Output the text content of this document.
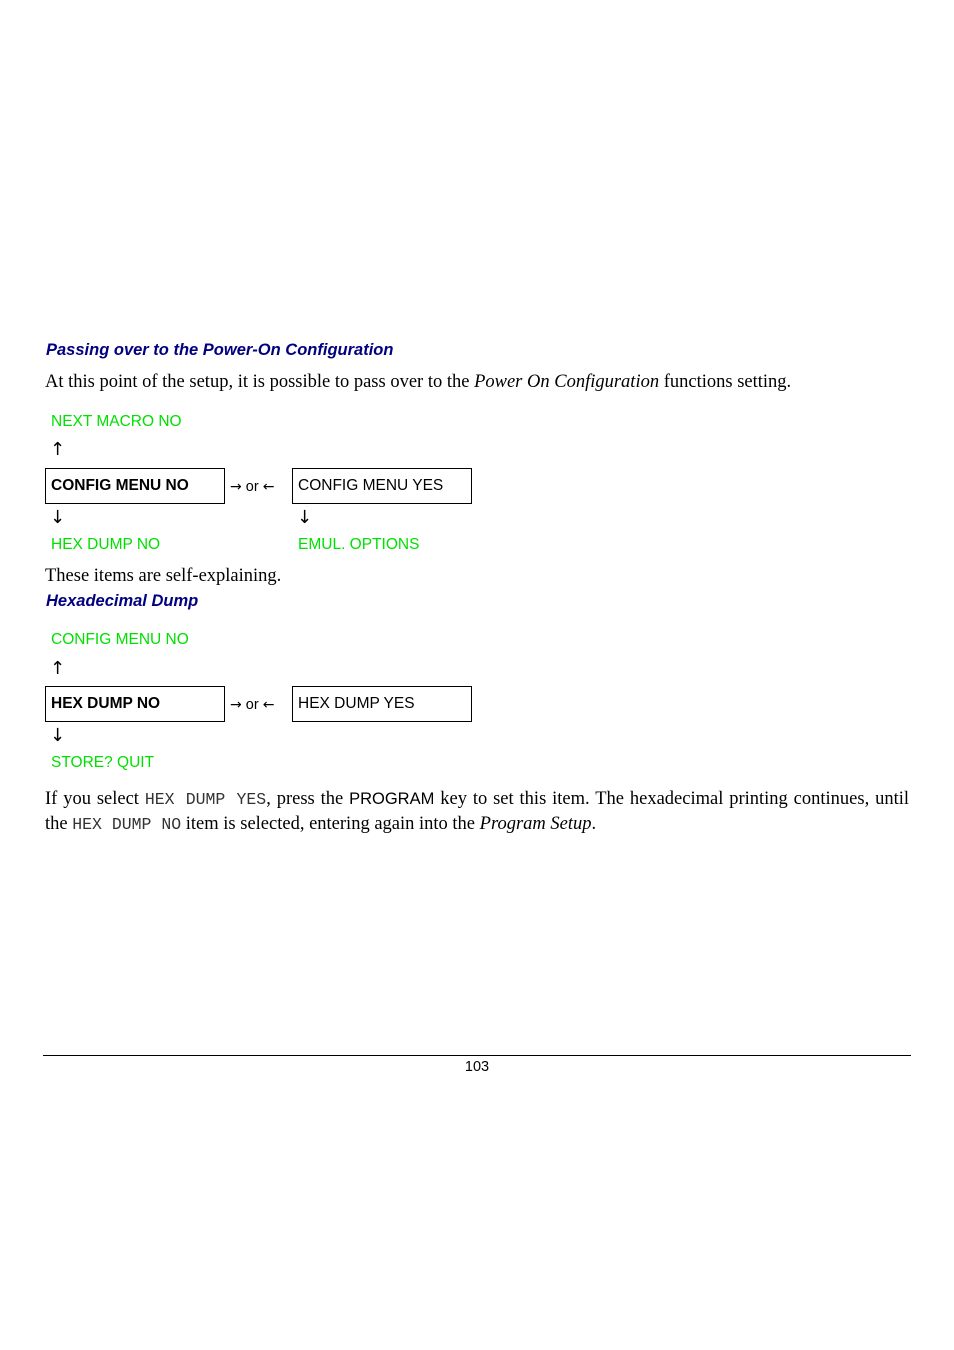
Passing over to the Power-On Configuration
At this point of the setup, it is possible to pass over to the Power On Configuration functions setting.
NEXT MACRO NO
↑
CONFIG MENU NO	→ or ←	CONFIG MENU YES
↓	↓
HEX DUMP NO	EMUL. OPTIONS
These items are self-explaining.
Hexadecimal Dump
CONFIG MENU NO
↑
HEX DUMP NO	→ or ←	HEX DUMP YES
↓
STORE? QUIT

If you select HEX DUMP YES, press the PROGRAM key to set this item. The hexadecimal printing continues, until the HEX DUMP NO item is selected, entering again into the Program Setup.

103
